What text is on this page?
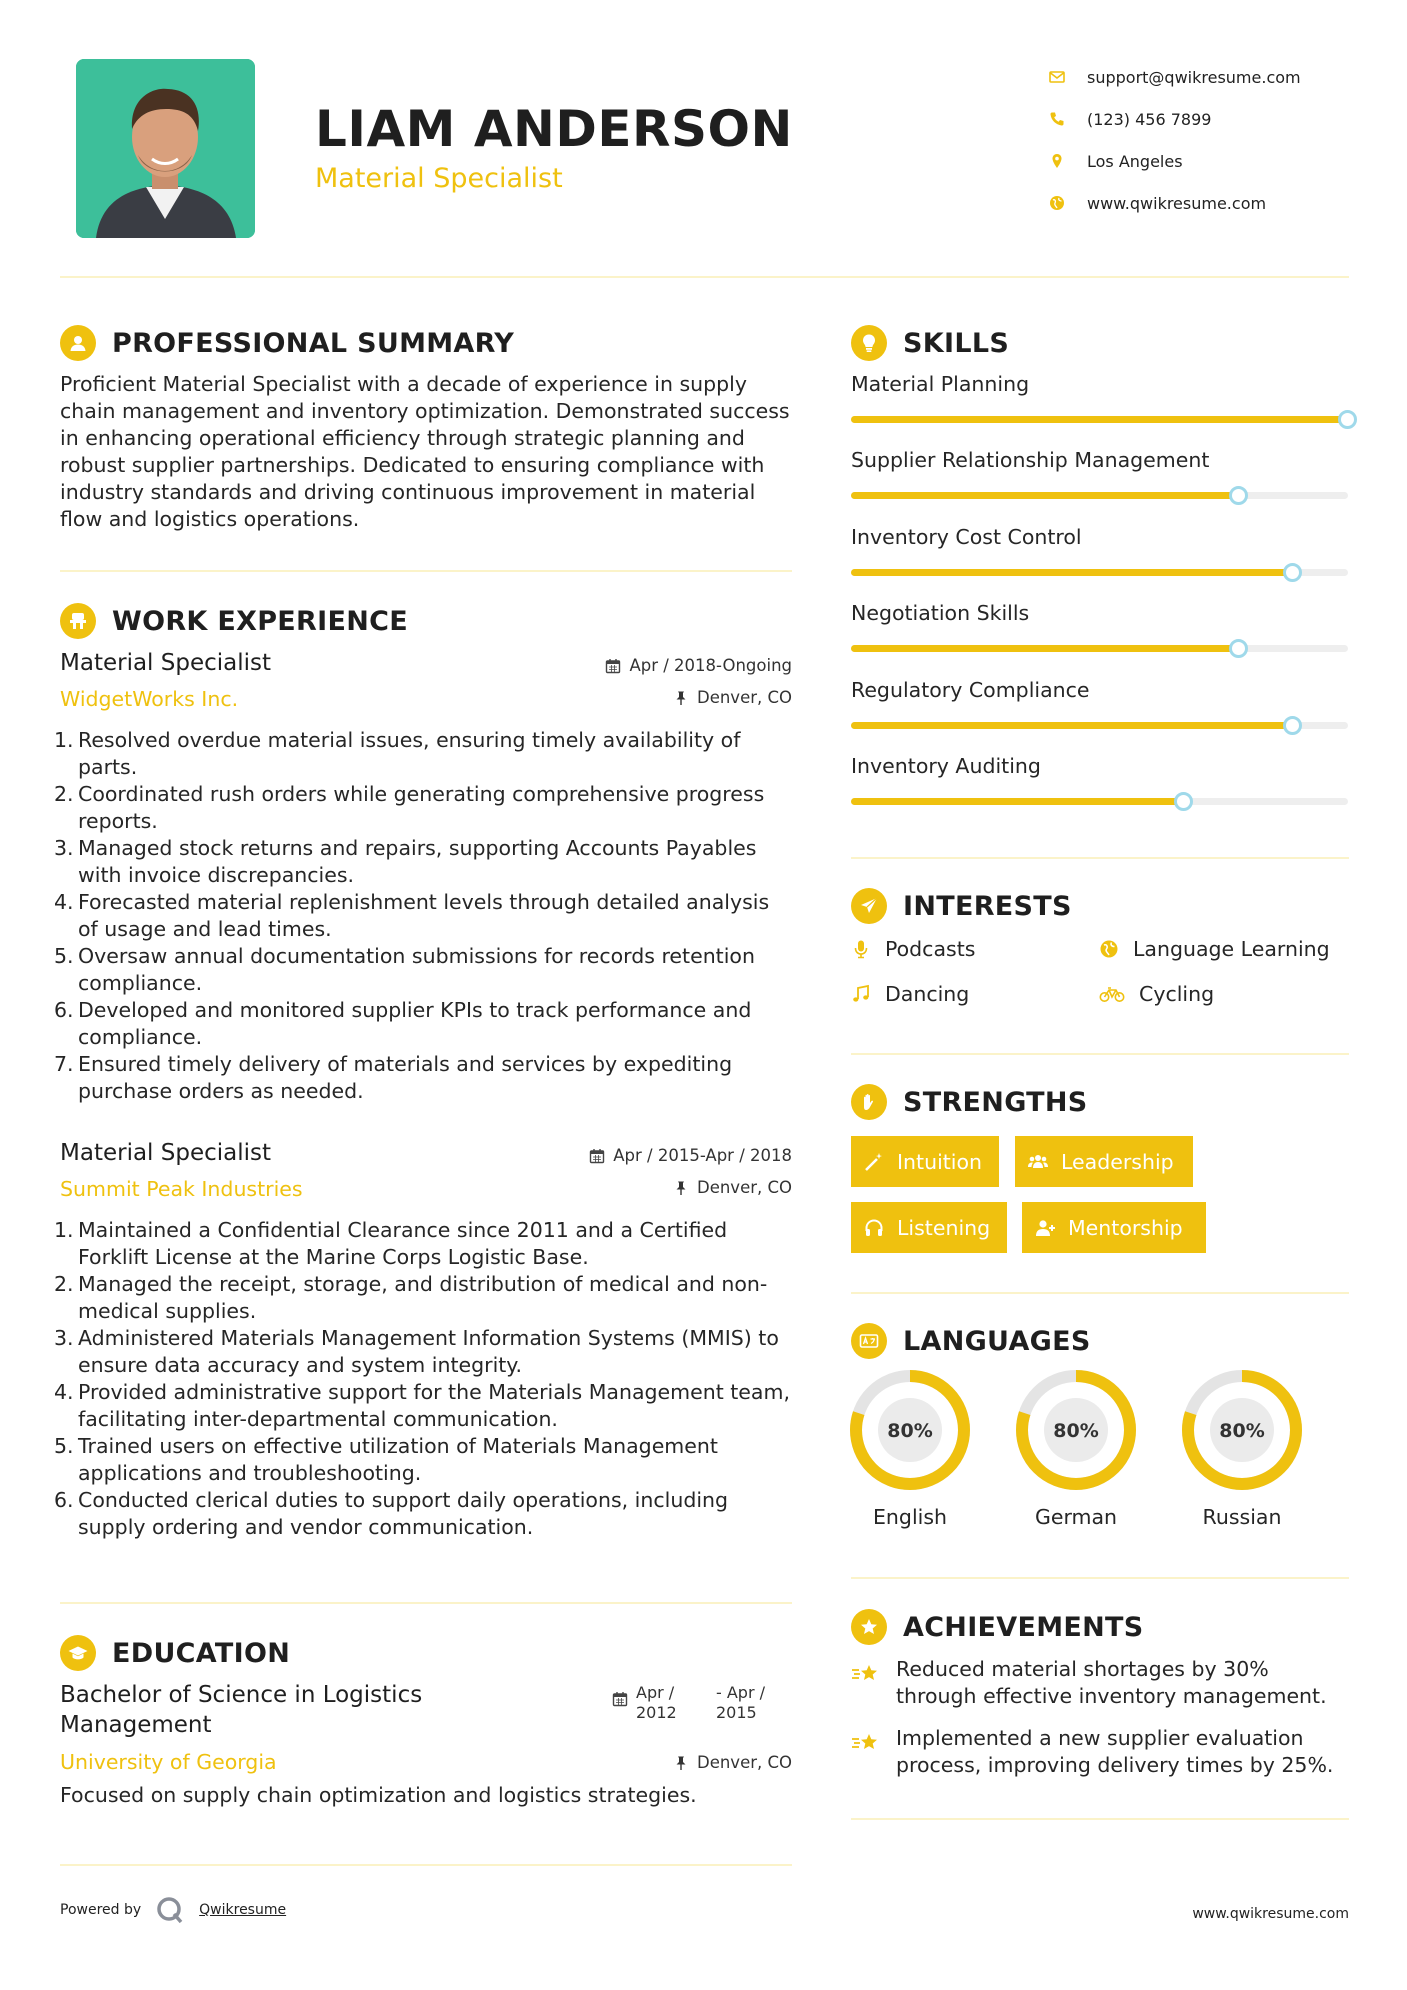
LIAM ANDERSON
Material Specialist
support@qwikresume.com
(123) 456 7899
Los Angeles
www.qwikresume.com
PROFESSIONAL SUMMARY
Proficient Material Specialist with a decade of experience in supply chain management and inventory optimization. Demonstrated success in enhancing operational efficiency through strategic planning and robust supplier partnerships. Dedicated to ensuring compliance with industry standards and driving continuous improvement in material flow and logistics operations.
WORK EXPERIENCE
Material Specialist
WidgetWorks Inc.
Apr / 2018-Ongoing
Denver, CO
1. Resolved overdue material issues, ensuring timely availability of parts.
2. Coordinated rush orders while generating comprehensive progress reports.
3. Managed stock returns and repairs, supporting Accounts Payables with invoice discrepancies.
4. Forecasted material replenishment levels through detailed analysis of usage and lead times.
5. Oversaw annual documentation submissions for records retention compliance.
6. Developed and monitored supplier KPIs to track performance and compliance.
7. Ensured timely delivery of materials and services by expediting purchase orders as needed.
Material Specialist
Summit Peak Industries
Apr / 2015-Apr / 2018
Denver, CO
1. Maintained a Confidential Clearance since 2011 and a Certified Forklift License at the Marine Corps Logistic Base.
2. Managed the receipt, storage, and distribution of medical and non-medical supplies.
3. Administered Materials Management Information Systems (MMIS) to ensure data accuracy and system integrity.
4. Provided administrative support for the Materials Management team, facilitating inter-departmental communication.
5. Trained users on effective utilization of Materials Management applications and troubleshooting.
6. Conducted clerical duties to support daily operations, including supply ordering and vendor communication.
EDUCATION
Bachelor of Science in Logistics Management
Apr / 2012
- Apr / 2015
University of Georgia	Denver, CO
Focused on supply chain optimization and logistics strategies.
SKILLS
Material Planning
Supplier Relationship Management
Inventory Cost Control
Negotiation Skills
Regulatory Compliance
Inventory Auditing
INTERESTS
Podcasts	Language Learning
Dancing	Cycling
STRENGTHS
Intuition	Leadership
Listening	Mentorship
LANGUAGES
80%
English
80%
German
80%
Russian
ACHIEVEMENTS
Reduced material shortages by 30% through effective inventory management.
Implemented a new supplier evaluation process, improving delivery times by 25%.
Powered by	Qwikresume	www.qwikresume.com
